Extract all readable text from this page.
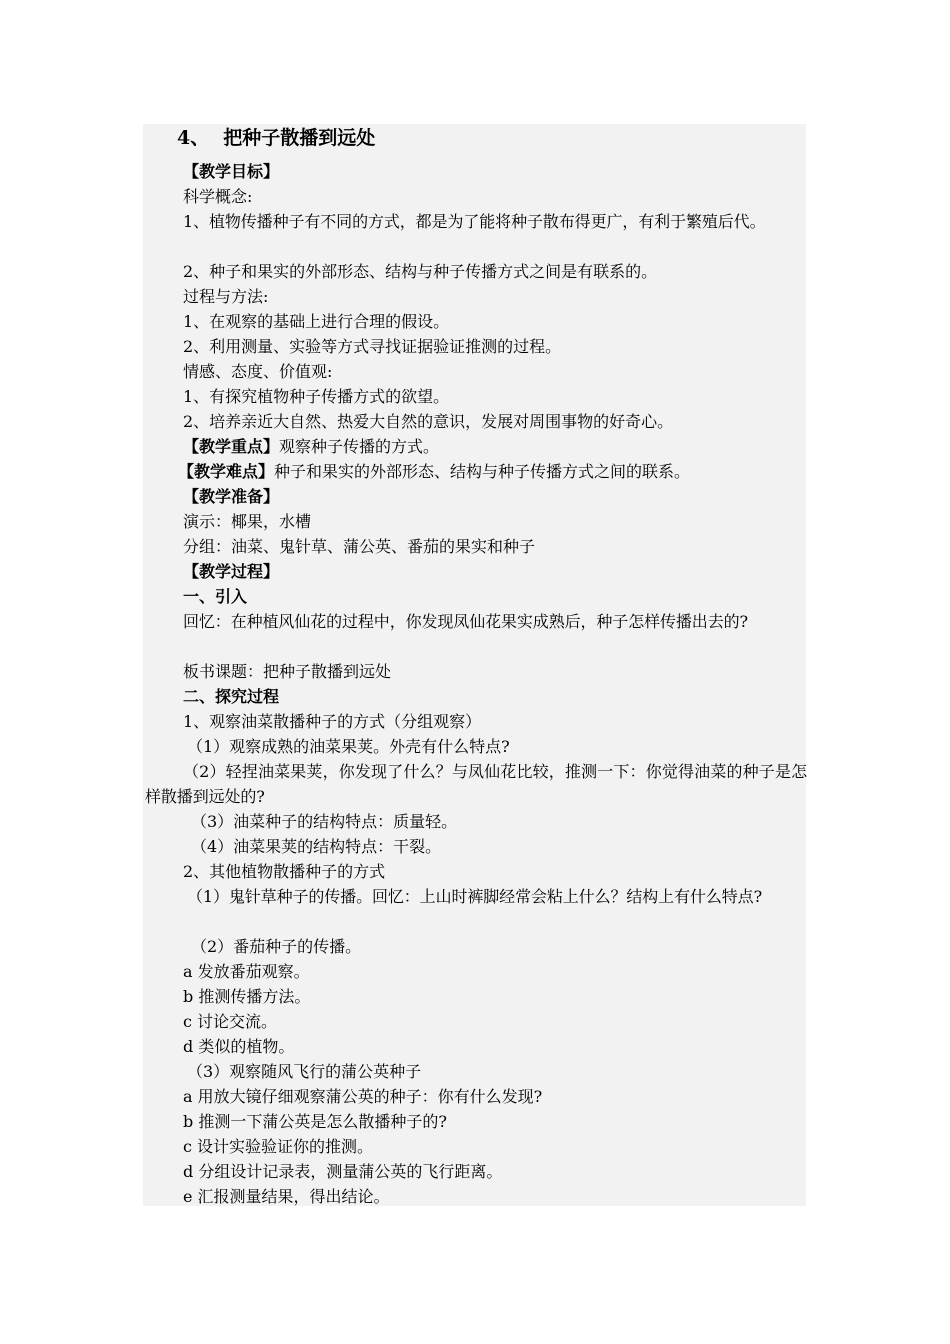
4、 把种子散播到远处
【教学目标】
科学概念:
1、植物传播种子有不同的方式，都是为了能将种子散布得更广，有利于繁殖后代。
2、种子和果实的外部形态、结构与种子传播方式之间是有联系的。
过程与方法:
1、在观察的基础上进行合理的假设。
2、利用测量、实验等方式寻找证据验证推测的过程。
情感、态度、价值观:
1、有探究植物种子传播方式的欲望。
2、培养亲近大自然、热爱大自然的意识，发展对周围事物的好奇心。
【教学重点】观察种子传播的方式。
【教学难点】种子和果实的外部形态、结构与种子传播方式之间的联系。
【教学准备】
演示：椰果，水槽
分组：油菜、鬼针草、蒲公英、番茄的果实和种子
【教学过程】
一、引入
回忆：在种植风仙花的过程中，你发现凤仙花果实成熟后，种子怎样传播出去的?
板书课题：把种子散播到远处
二、探究过程
1、观察油菜散播种子的方式（分组观察）
（1）观察成熟的油菜果荚。外壳有什么特点?
（2）轻捏油菜果荚，你发现了什么？与凤仙花比较，推测一下：你觉得油菜的种子是怎样散播到远处的?
（3）油菜种子的结构特点：质量轻。
（4）油菜果荚的结构特点：干裂。
2、其他植物散播种子的方式
（1）鬼针草种子的传播。回忆：上山时裤脚经常会粘上什么？结构上有什么特点?
（2）番茄种子的传播。
a 发放番茄观察。
b 推测传播方法。
c 讨论交流。
d 类似的植物。
（3）观察随风飞行的蒲公英种子
a 用放大镜仔细观察蒲公英的种子：你有什么发现?
b 推测一下蒲公英是怎么散播种子的?
c 设计实验验证你的推测。
d 分组设计记录表，测量蒲公英的飞行距离。
e 汇报测量结果，得出结论。
